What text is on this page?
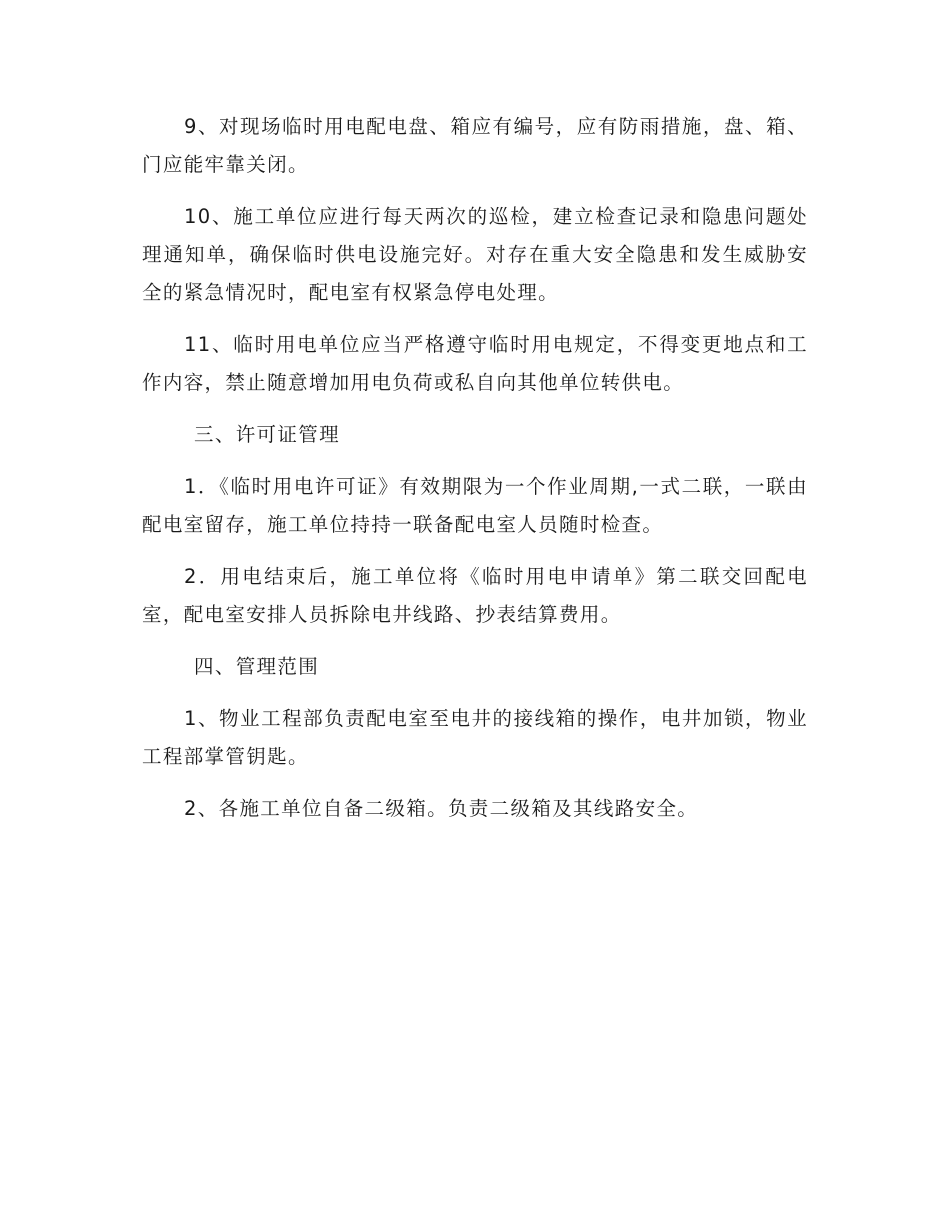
9、对现场临时用电配电盘、箱应有编号，应有防雨措施，盘、箱、门应能牢靠关闭。

10、施工单位应进行每天两次的巡检，建立检查记录和隐患问题处理通知单，确保临时供电设施完好。对存在重大安全隐患和发生威胁安全的紧急情况时，配电室有权紧急停电处理。

11、临时用电单位应当严格遵守临时用电规定，不得变更地点和工作内容，禁止随意增加用电负荷或私自向其他单位转供电。

三、许可证管理

1．《临时用电许可证》有效期限为一个作业周期,一式二联，一联由配电室留存，施工单位持持一联备配电室人员随时检查。

2．用电结束后，施工单位将《临时用电申请单》第二联交回配电室，配电室安排人员拆除电井线路、抄表结算费用。

四、管理范围

1、物业工程部负责配电室至电井的接线箱的操作，电井加锁，物业工程部掌管钥匙。

2、各施工单位自备二级箱。负责二级箱及其线路安全。
